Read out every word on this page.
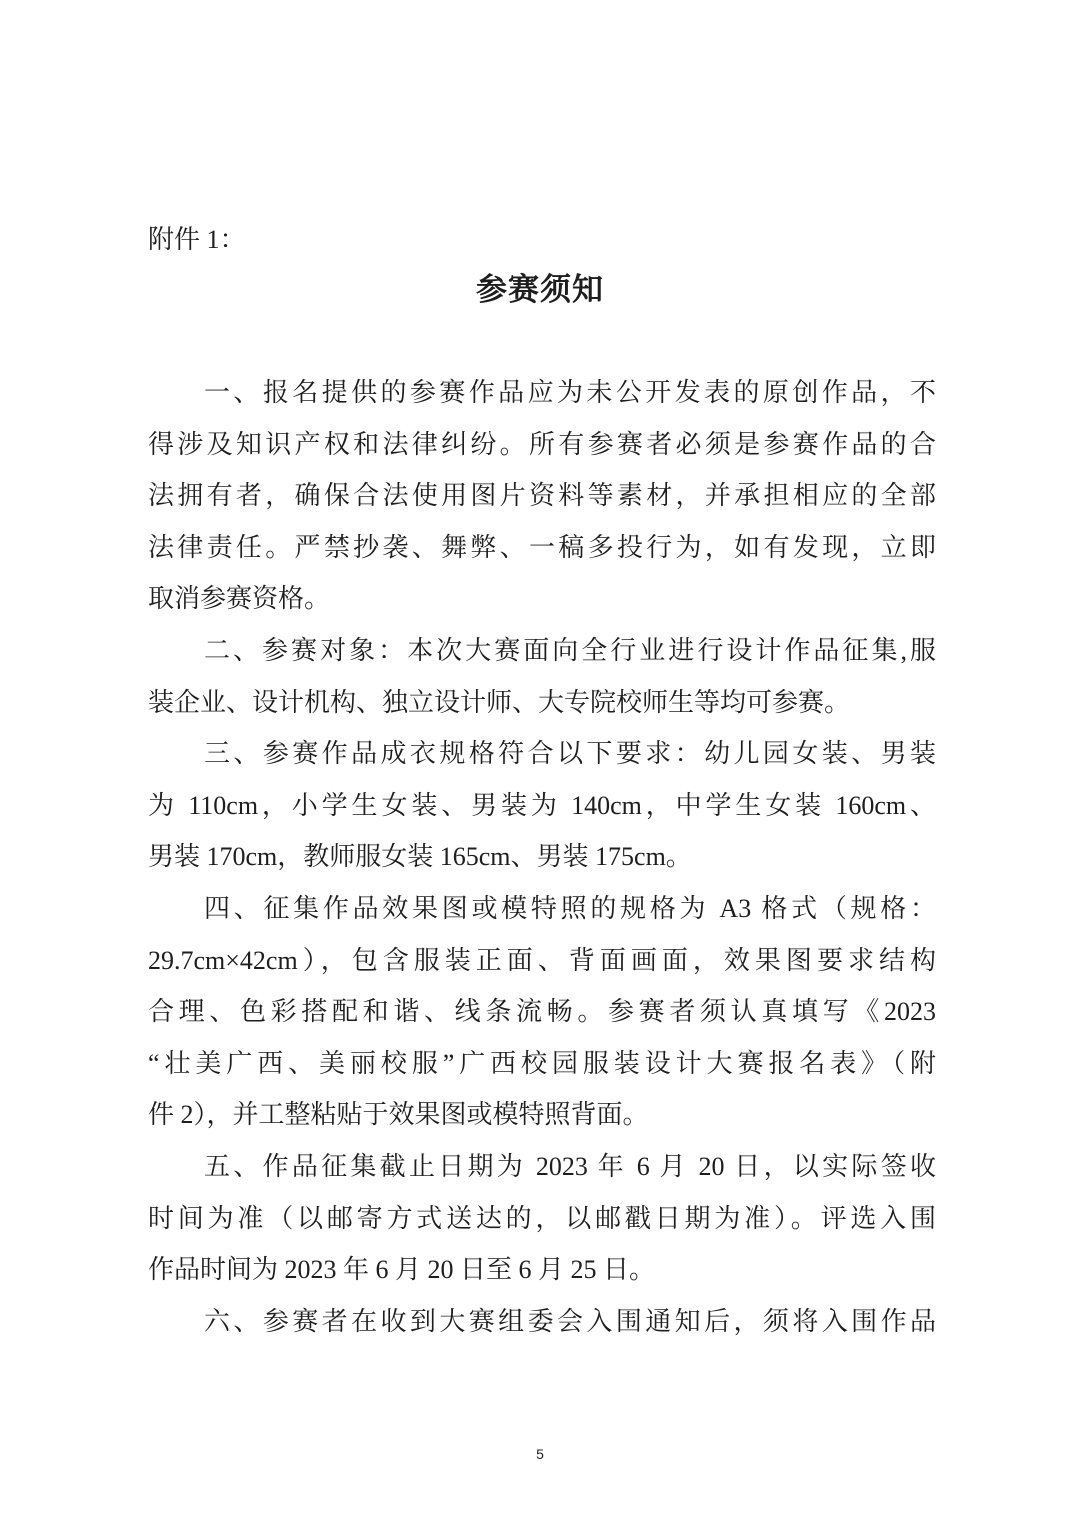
附件 1：
参赛须知
一、报名提供的参赛作品应为未公开发表的原创作品，不
得涉及知识产权和法律纠纷。所有参赛者必须是参赛作品的合
法拥有者，确保合法使用图片资料等素材，并承担相应的全部
法律责任。严禁抄袭、舞弊、一稿多投行为，如有发现，立即
取消参赛资格。
二、参赛对象：本次大赛面向全行业进行设计作品征集,服
装企业、设计机构、独立设计师、大专院校师生等均可参赛。
三、参赛作品成衣规格符合以下要求：幼儿园女装、男装
为 110cm，小学生女装、男装为 140cm，中学生女装 160cm、
男装 170cm，教师服女装 165cm、男装 175cm。
四、征集作品效果图或模特照的规格为 A3 格式（规格：
29.7cm×42cm），包含服装正面、背面画面，效果图要求结构
合理、色彩搭配和谐、线条流畅。参赛者须认真填写《2023
“壮美广西、美丽校服”广西校园服装设计大赛报名表》（附
件 2），并工整粘贴于效果图或模特照背面。
五、作品征集截止日期为 2023 年 6 月 20 日，以实际签收
时间为准（以邮寄方式送达的，以邮戳日期为准）。评选入围
作品时间为 2023 年 6 月 20 日至 6 月 25 日。
六、参赛者在收到大赛组委会入围通知后，须将入围作品
5
